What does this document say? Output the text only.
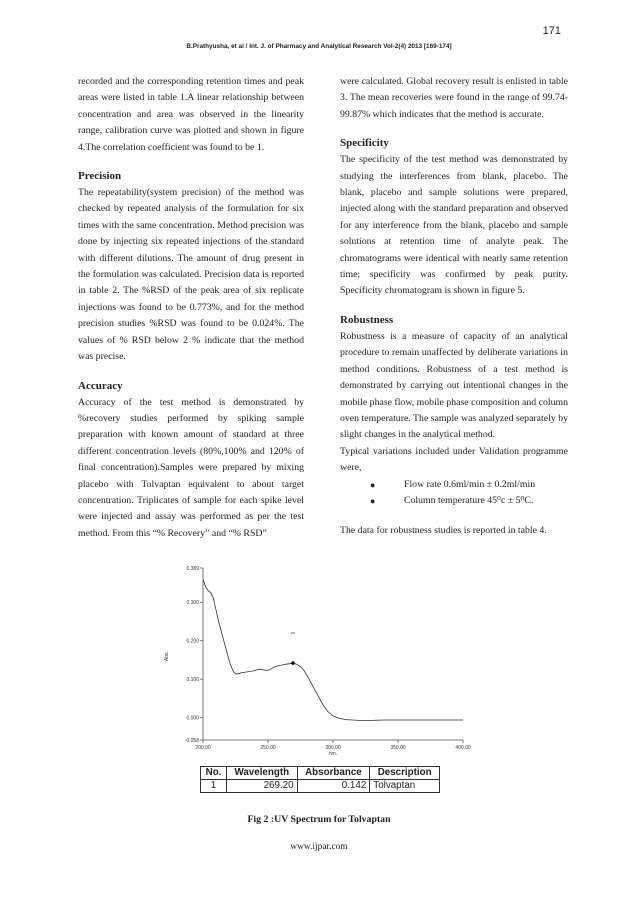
171
B.Prathyusha, et al / Int. J. of Pharmacy and Analytical Research Vol-2(4) 2013 [169-174]

recorded and the corresponding retention times and peak areas were listed in table 1.A linear relationship between concentration and area was observed in the linearity range, calibration curve was plotted and shown in figure 4.The correlation coefficient was found to be 1.

Precision

The repeatability(system precision) of the method was checked by repeated analysis of the formulation for six times with the same concentration. Method precision was done by injecting six repeated injections of the standard with different dilutions. The amount of drug present in the formulation was calculated. Precision data is reported in table 2. The %RSD of the peak area of six replicate injections was found to be 0.773%, and for the method precision studies %RSD was found to be 0.024%. The values of % RSD below 2 % indicate that the method was precise.

Accuracy

Accuracy of the test method is demonstrated by %recovery studies performed by spiking sample preparation with known amount of standard at three different concentration levels (80%,100% and 120% of final concentration).Samples were prepared by mixing placebo with Tolvaptan equivalent to about target concentration. Triplicates of sample for each spike level were injected and assay was performed as per the test method. From this “% Recovery” and “% RSD”

were calculated. Global recovery result is enlisted in table 3. The mean recoveries were found in the range of 99.74-99.87% which indicates that the method is accurate.

Specificity

The specificity of the test method was demonstrated by studying the interferences from blank, placebo. The blank, placebo and sample solutions were prepared, injected along with the standard preparation and observed for any interference from the blank, placebo and sample solutions at retention time of analyte peak. The chromatograms were identical with nearly same retention time; specificity was confirmed by peak purity. Specificity chromatogram is shown in figure 5.

Robustness

Robustness is a measure of capacity of an analytical procedure to remain unaffected by deliberate variations in method conditions. Robustness of a test method is demonstrated by carrying out intentional changes in the mobile phase flow, mobile phase composition and column oven temperature. The sample was analyzed separately by slight changes in the analytical method.

Typical variations included under Validation programme were,

●	Flow rate 0.6ml/min ± 0.2ml/min
●	Column temperature 45⁰c ± 5⁰C.

The data for robustness studies is reported in table 4.

0.389
0.300
0.200
0.100
0.000
-0.058
200.00	250.00	300.00	350.00	400.00
nm.
Abs.
No.	Wavelength	Absorbance	Description
1	269.20	0.142	Tolvaptan
Fig 2 :UV Spectrum for Tolvaptan
www.ijpar.com
